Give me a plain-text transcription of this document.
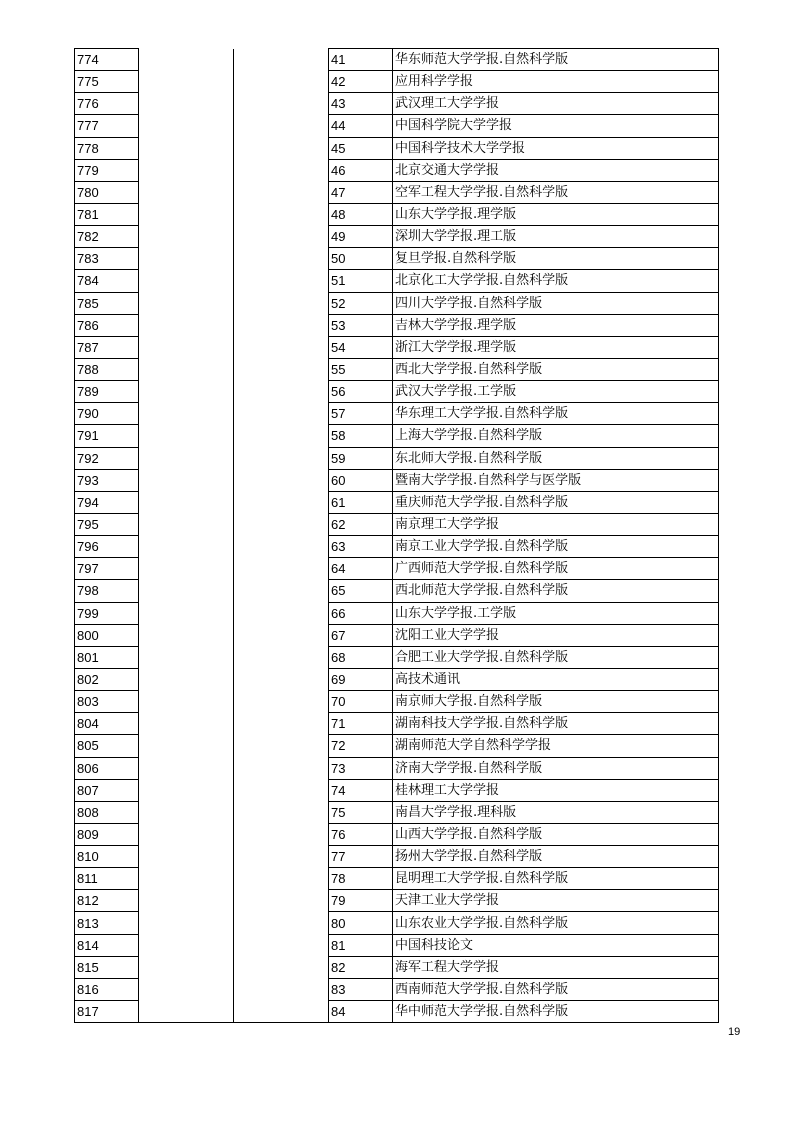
774			41	华东师范大学学报.自然科学版
775			42	应用科学学报
776			43	武汉理工大学学报
777			44	中国科学院大学学报
778			45	中国科学技术大学学报
779			46	北京交通大学学报
780			47	空军工程大学学报.自然科学版
781			48	山东大学学报.理学版
782			49	深圳大学学报.理工版
783			50	复旦学报.自然科学版
784			51	北京化工大学学报.自然科学版
785			52	四川大学学报.自然科学版
786			53	吉林大学学报.理学版
787			54	浙江大学学报.理学版
788			55	西北大学学报.自然科学版
789			56	武汉大学学报.工学版
790			57	华东理工大学学报.自然科学版
791			58	上海大学学报.自然科学版
792			59	东北师大学报.自然科学版
793			60	暨南大学学报.自然科学与医学版
794			61	重庆师范大学学报.自然科学版
795			62	南京理工大学学报
796			63	南京工业大学学报.自然科学版
797			64	广西师范大学学报.自然科学版
798			65	西北师范大学学报.自然科学版
799			66	山东大学学报.工学版
800			67	沈阳工业大学学报
801			68	合肥工业大学学报.自然科学版
802			69	高技术通讯
803			70	南京师大学报.自然科学版
804			71	湖南科技大学学报.自然科学版
805			72	湖南师范大学自然科学学报
806			73	济南大学学报.自然科学版
807			74	桂林理工大学学报
808			75	南昌大学学报.理科版
809			76	山西大学学报.自然科学版
810			77	扬州大学学报.自然科学版
811			78	昆明理工大学学报.自然科学版
812			79	天津工业大学学报
813			80	山东农业大学学报.自然科学版
814			81	中国科技论文
815			82	海军工程大学学报
816			83	西南师范大学学报.自然科学版
817			84	华中师范大学学报.自然科学版
19
